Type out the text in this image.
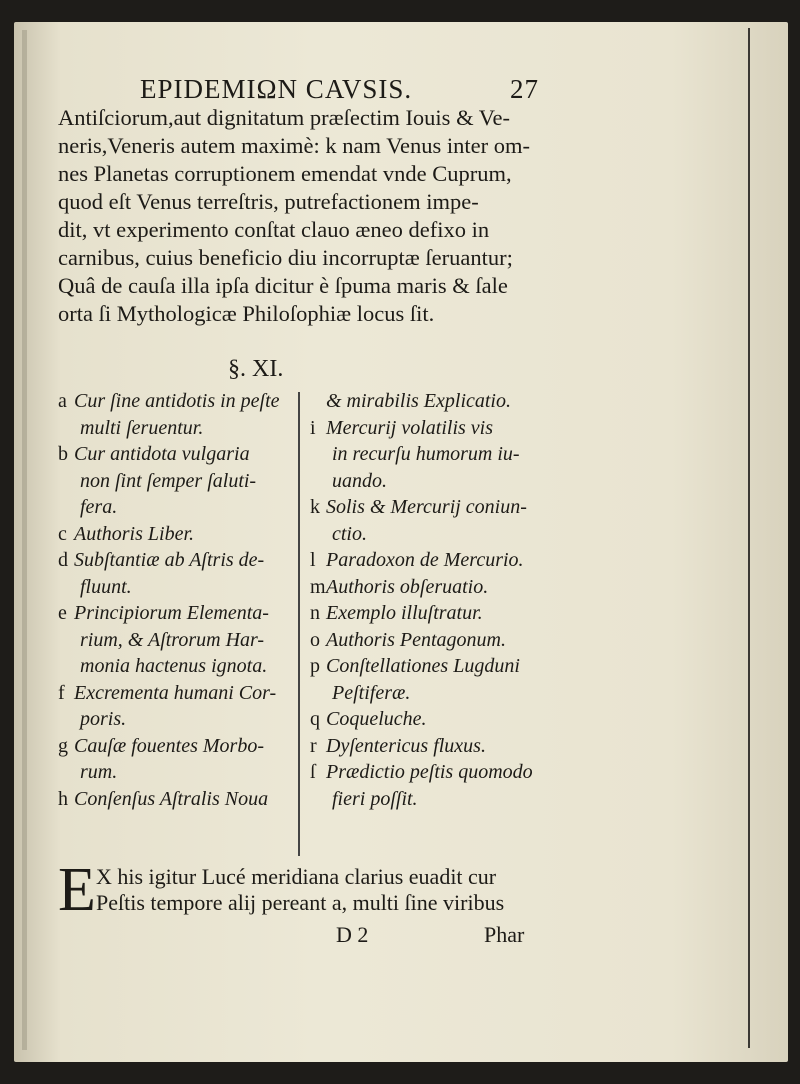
EPIDEMIΩN CAVSIS.	27

Antiſciorum,aut dignitatum præſectim Iouis & Ve-

neris,Veneris autem maximè: k nam Venus inter om-

nes Planetas corruptionem emendat vnde Cuprum,

quod eſt Venus terreſtris, putrefactionem impe-

dit, vt experimento conſtat clauo æneo defixo in

carnibus, cuius beneficio diu incorruptæ ſeruantur;

Quâ de cauſa illa ipſa dicitur è ſpuma maris & ſale

orta ſi Mythologicæ Philoſophiæ locus ſit.

§. XI.
a Cur ſine antidotis in peſte
multi ſeruentur.
b Cur antidota vulgaria
non ſint ſemper ſaluti-
fera.
c Authoris Liber.
d Subſtantiæ ab Aſtris de-
fluunt.
e Principiorum Elementa-
rium, & Aſtrorum Har-
monia hactenus ignota.
f Excrementa humani Cor-
poris.
g Cauſæ fouentes Morbo-
rum.
h Conſenſus Aſtralis Noua
& mirabilis Explicatio.
i Mercurij volatilis vis
in recurſu humorum iu-
uando.
k Solis & Mercurij coniun-
ctio.
l Paradoxon de Mercurio.
mAuthoris obſeruatio.
n Exemplo illuſtratur.
o Authoris Pentagonum.
p Conſtellationes Lugduni
Peſtiferæ.
q Coqueluche.
r Dyſentericus fluxus.
ſ Prædictio peſtis quomodo
fieri poſſit.
E X his igitur Lucé meridiana clarius euadit cur
Peſtis tempore alij pereant a, multi ſine viribus
D 2	Phar
